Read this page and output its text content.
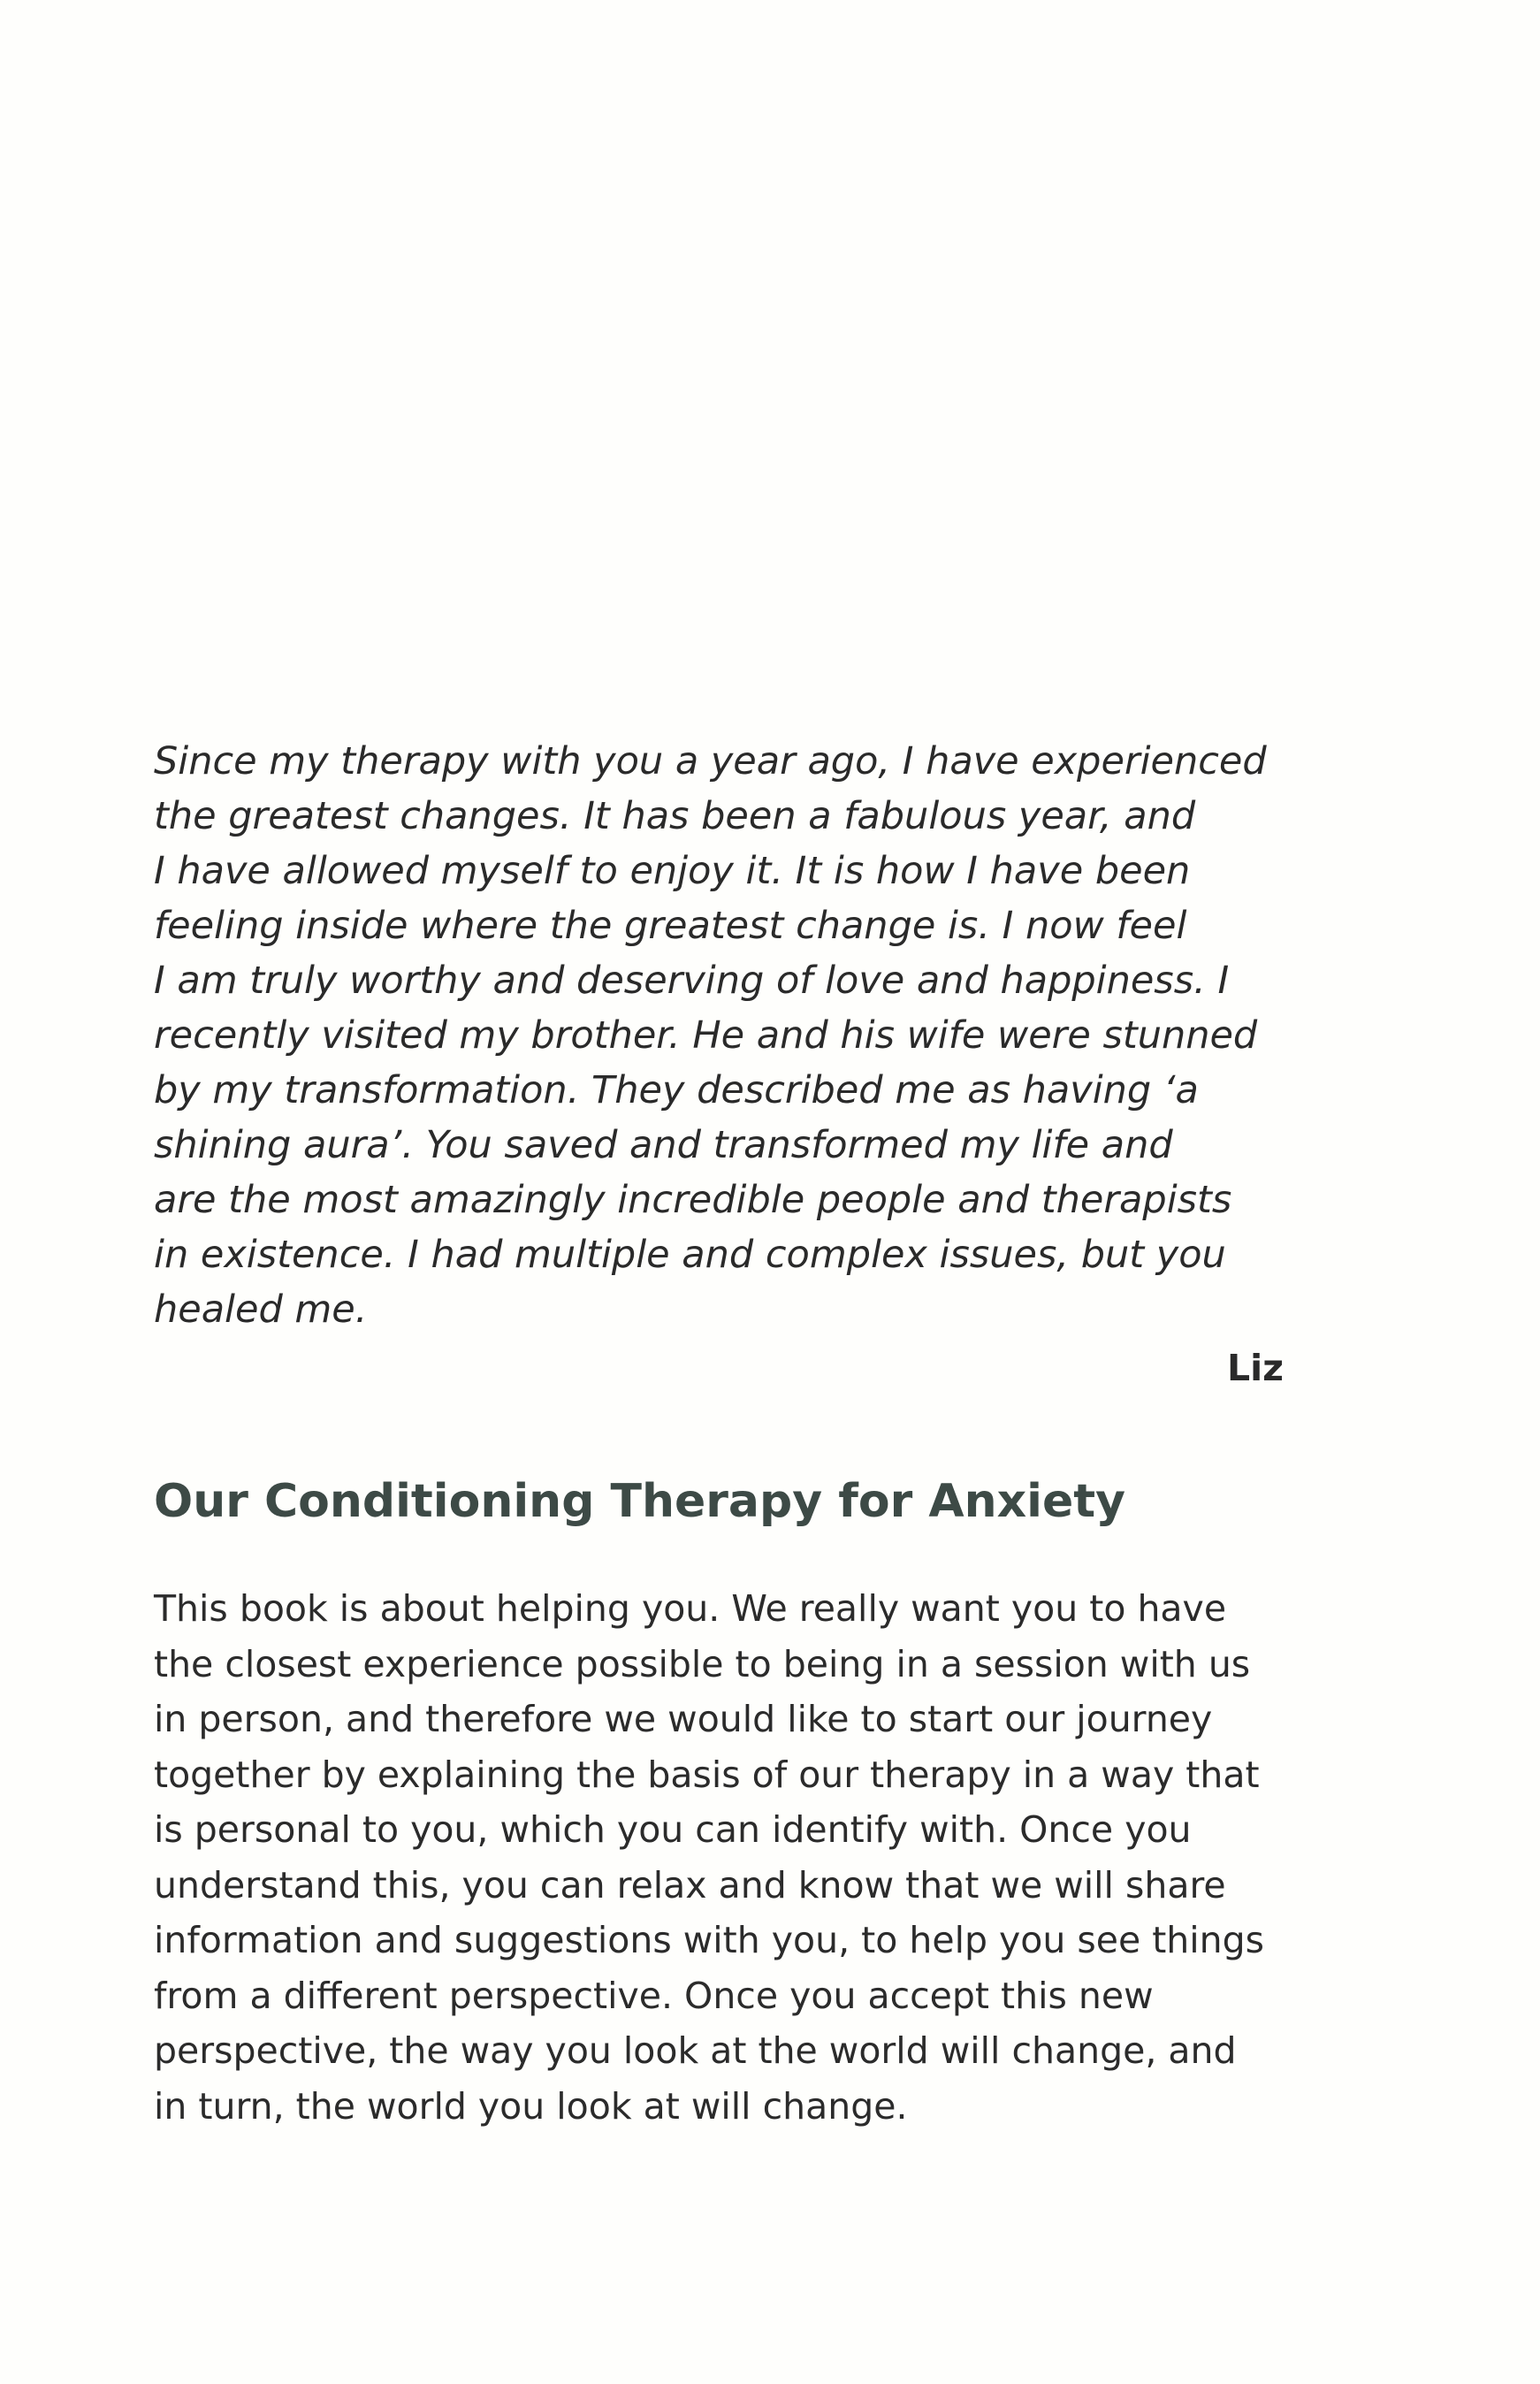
Since my therapy with you a year ago, I have experienced
the greatest changes. It has been a fabulous year, and
I have allowed myself to enjoy it. It is how I have been
feeling inside where the greatest change is. I now feel
I am truly worthy and deserving of love and happiness. I
recently visited my brother. He and his wife were stunned
by my transformation. They described me as having ‘a
shining aura’. You saved and transformed my life and
are the most amazingly incredible people and therapists
in existence. I had multiple and complex issues, but you
healed me.

Liz
Our Conditioning Therapy for Anxiety

This book is about helping you. We really want you to have
the closest experience possible to being in a session with us
in person, and therefore we would like to start our journey
together by explaining the basis of our therapy in a way that
is personal to you, which you can identify with. Once you
understand this, you can relax and know that we will share
information and suggestions with you, to help you see things
from a different perspective. Once you accept this new
perspective, the way you look at the world will change, and
in turn, the world you look at will change.
